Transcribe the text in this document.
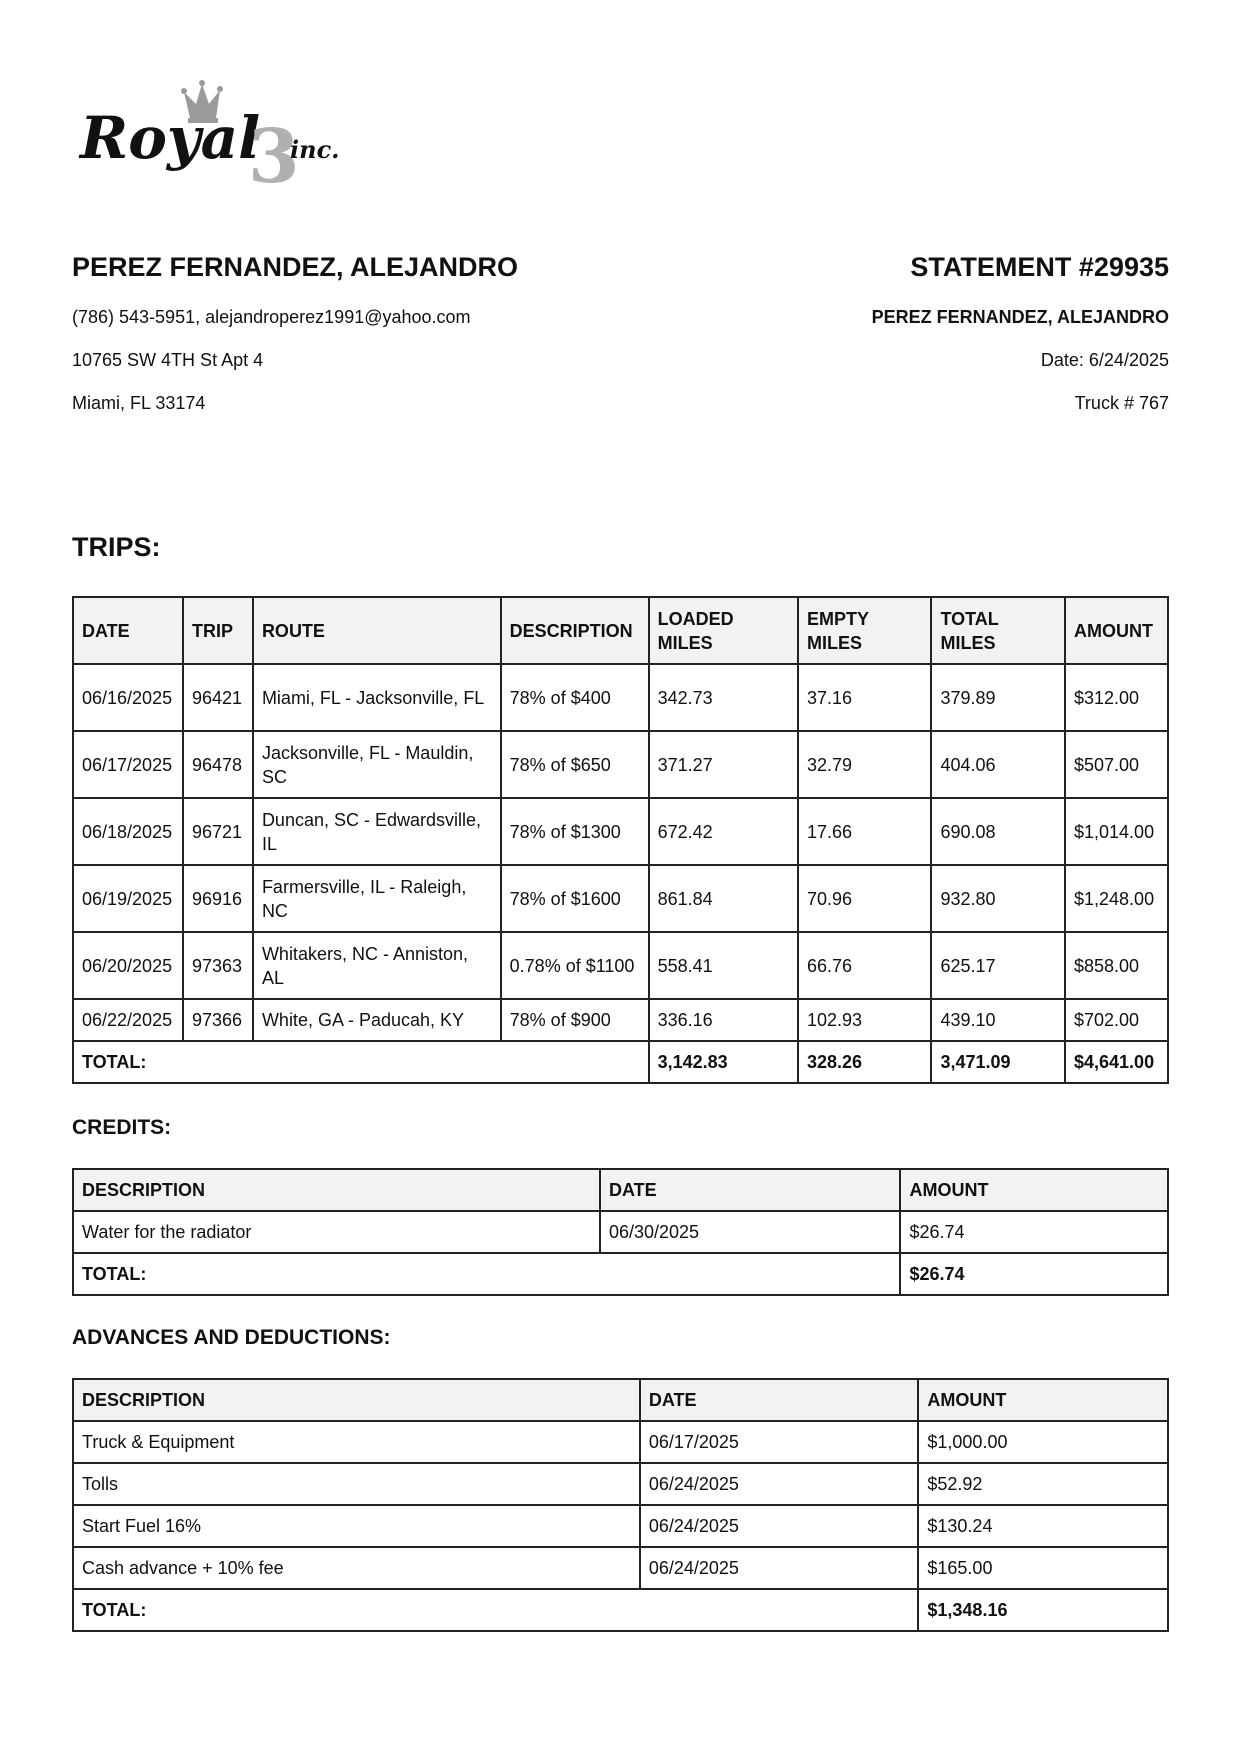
Royal
3
inc.
PEREZ FERNANDEZ, ALEJANDRO	STATEMENT #29935
(786) 543-5951, alejandroperez1991@yahoo.com	PEREZ FERNANDEZ, ALEJANDRO
10765 SW 4TH St Apt 4	Date: 6/24/2025
Miami, FL 33174	Truck # 767
TRIPS:
DATE	TRIP	ROUTE	DESCRIPTION	LOADED MILES	EMPTY MILES	TOTAL MILES	AMOUNT
06/16/2025	96421	Miami, FL - Jacksonville, FL	78% of $400	342.73	37.16	379.89	$312.00
06/17/2025	96478	Jacksonville, FL - Mauldin, SC	78% of $650	371.27	32.79	404.06	$507.00
06/18/2025	96721	Duncan, SC - Edwardsville, IL	78% of $1300	672.42	17.66	690.08	$1,014.00
06/19/2025	96916	Farmersville, IL - Raleigh, NC	78% of $1600	861.84	70.96	932.80	$1,248.00
06/20/2025	97363	Whitakers, NC - Anniston, AL	0.78% of $1100	558.41	66.76	625.17	$858.00
06/22/2025	97366	White, GA - Paducah, KY	78% of $900	336.16	102.93	439.10	$702.00
TOTAL:				3,142.83	328.26	3,471.09	$4,641.00
CREDITS:
DESCRIPTION	DATE	AMOUNT
Water for the radiator	06/30/2025	$26.74
TOTAL:		$26.74
ADVANCES AND DEDUCTIONS:
DESCRIPTION	DATE	AMOUNT
Truck & Equipment	06/17/2025	$1,000.00
Tolls	06/24/2025	$52.92
Start Fuel 16%	06/24/2025	$130.24
Cash advance + 10% fee	06/24/2025	$165.00
TOTAL:		$1,348.16
